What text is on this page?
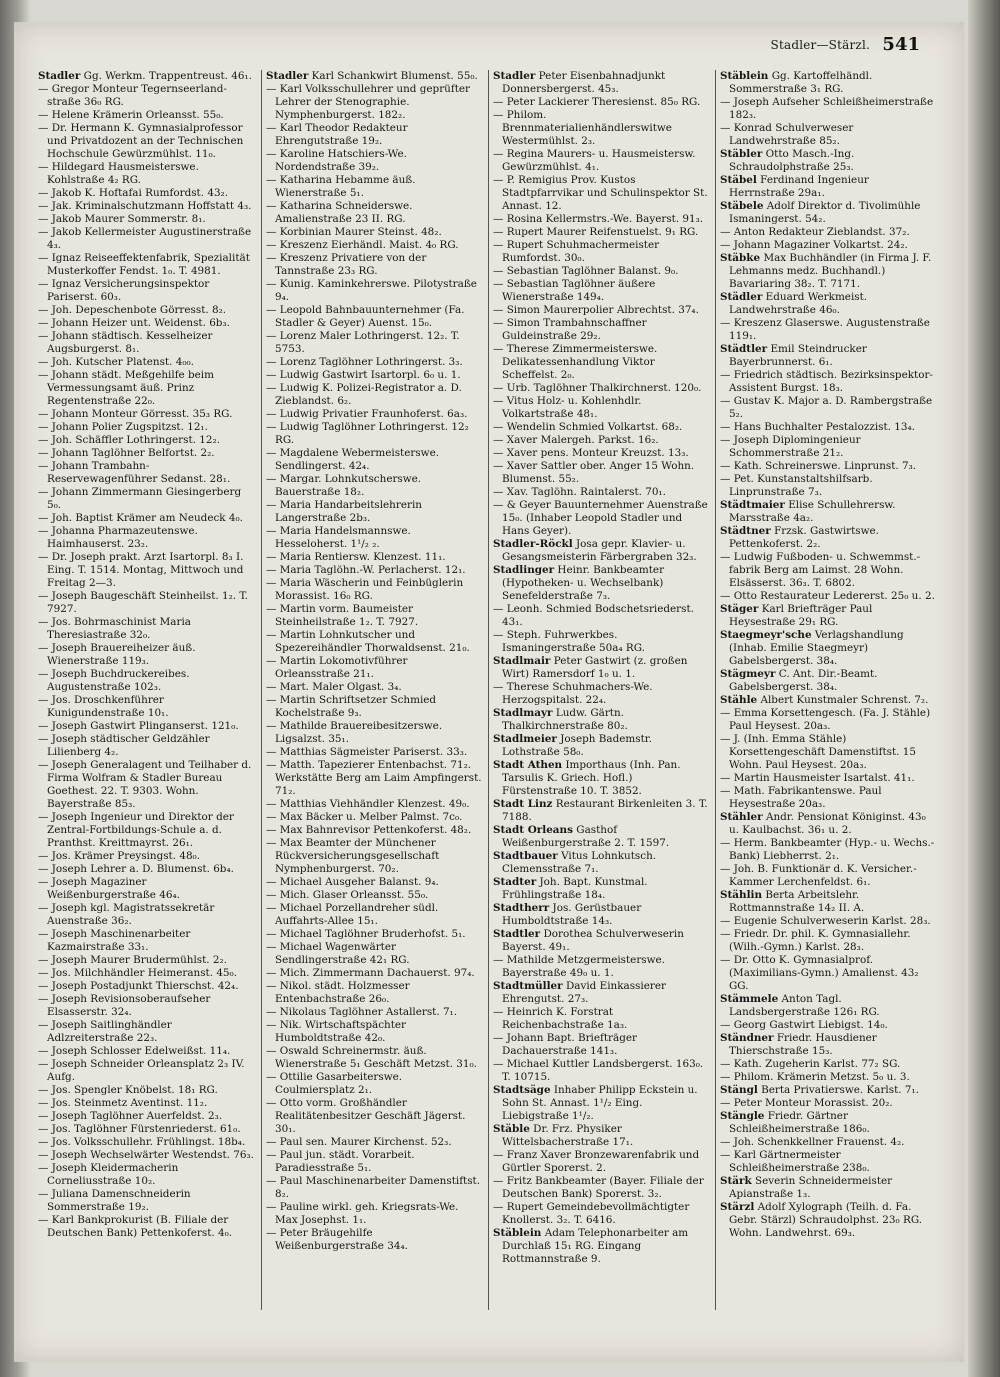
Stadler—Stärzl. 541

Stadler Gg. Werkm. Trappentreust. 46₁.

— Gregor Monteur Tegernseerland-straße 36₀ RG.

— Helene Krämerin Orleansst. 55₀.

— Dr. Hermann K. Gymnasialprofessor und Privatdozent an der Technischen Hochschule Gewürzmühlst. 11₀.

— Hildegard Hausmeisterswe. Kohlstraße 4₂ RG.

— Jakob K. Hoftafai Rumfordst. 43₂.

— Jak. Kriminalschutzmann Hoffstatt 4₃.

— Jakob Maurer Sommerstr. 8₁.

— Jakob Kellermeister Augustinerstraße 4₃.

— Ignaz Reiseeffektenfabrik, Spezialität Musterkoffer Fendst. 1₀. T. 4981.

— Ignaz Versicherungsinspektor Pariserst. 60₃.

— Joh. Depeschenbote Görresst. 8₂.

— Johann Heizer unt. Weidenst. 6b₃.

— Johann städtisch. Kesselheizer Augsburgerst. 8₁.

— Joh. Kutscher Platenst. 4₀₀.

— Johann städt. Meßgehilfe beim Vermessungsamt äuß. Prinz Regentenstraße 22₀.

— Johann Monteur Görresst. 35₃ RG.

— Johann Polier Zugspitzst. 12₁.

— Joh. Schäffler Lothringerst. 12₂.

— Johann Taglöhner Belfortst. 2₂.

— Johann Trambahn-Reservewagenführer Sedanst. 28₁.

— Johann Zimmermann Giesingerberg 5₀.

— Joh. Baptist Krämer am Neudeck 4₀.

— Johanna Pharmazeutenswe. Haimhauserst. 23₂.

— Dr. Joseph prakt. Arzt Isartorpl. 8₃ I. Eing. T. 1514. Montag, Mittwoch und Freitag 2—3.

— Joseph Baugeschäft Steinheilst. 1₂. T. 7927.

— Jos. Bohrmaschinist Maria Theresiastraße 32₀.

— Joseph Brauereiheizer äuß. Wienerstraße 119₃.

— Joseph Buchdruckereibes. Augustenstraße 102₃.

— Jos. Droschkenführer Kunigundenstraße 10₁.

— Joseph Gastwirt Plinganserst. 121₀.

— Joseph städtischer Geldzähler Lilienberg 4₂.

— Joseph Generalagent und Teilhaber d. Firma Wolfram & Stadler Bureau Goethest. 22. T. 9303. Wohn. Bayerstraße 85₃.

— Joseph Ingenieur und Direktor der Zentral-Fortbildungs-Schule a. d. Pranthst. Kreittmayrst. 26₁.

— Jos. Krämer Preysingst. 48₀.

— Joseph Lehrer a. D. Blumenst. 6b₄.

— Joseph Magaziner Weißenburgerstraße 46₄.

— Joseph kgl. Magistratssekretär Auenstraße 36₂.

— Joseph Maschinenarbeiter Kazmairstraße 33₁.

— Joseph Maurer Brudermühlst. 2₂.

— Jos. Milchhändler Heimeranst. 45₀.

— Joseph Postadjunkt Thierschst. 42₄.

— Joseph Revisionsoberaufseher Elsasserstr. 32₄.

— Joseph Saitlinghändler Adlzreiterstraße 22₃.

— Joseph Schlosser Edelweißst. 11₄.

— Joseph Schneider Orleansplatz 2₃ IV. Aufg.

— Jos. Spengler Knöbelst. 18₁ RG.

— Jos. Steinmetz Aventinst. 11₂.

— Joseph Taglöhner Auerfeldst. 2₃.

— Jos. Taglöhner Fürstenriederst. 61₀.

— Jos. Volksschullehr. Frühlingst. 18b₄.

— Joseph Wechselwärter Westendst. 76₃.

— Joseph Kleidermacherin Corneliusstraße 10₂.

— Juliana Damenschneiderin Sommerstraße 19₂.

— Karl Bankprokurist (B. Filiale der Deutschen Bank) Pettenkoferst. 4₀.

Stadler Karl Schankwirt Blumenst. 55₀.

— Karl Volksschullehrer und geprüfter Lehrer der Stenographie. Nymphenburgerst. 182₂.

— Karl Theodor Redakteur Ehrengutstraße 19₂.

— Karoline Hatschiers-We. Nordendstraße 39₂.

— Katharina Hebamme äuß. Wienerstraße 5₁.

— Katharina Schneiderswe. Amalienstraße 23 II. RG.

— Korbinian Maurer Steinst. 48₂.

— Kreszenz Eierhändl. Maist. 4₀ RG.

— Kreszenz Privatiere von der Tannstraße 23₃ RG.

— Kunig. Kaminkehrerswe. Pilotystraße 9₄.

— Leopold Bahnbauunternehmer (Fa. Stadler & Geyer) Auenst. 15₀.

— Lorenz Maler Lothringerst. 12₂. T. 5753.

— Lorenz Taglöhner Lothringerst. 3₃.

— Ludwig Gastwirt Isartorpl. 6₀ u. 1.

— Ludwig K. Polizei-Registrator a. D. Zieblandst. 6₂.

— Ludwig Privatier Fraunhoferst. 6a₃.

— Ludwig Taglöhner Lothringerst. 12₂ RG.

— Magdalene Webermeisterswe. Sendlingerst. 42₄.

— Margar. Lohnkutscherswe. Bauerstraße 18₂.

— Maria Handarbeitslehrerin Langerstraße 2b₃.

— Maria Handelsmannswe. Hesseloherst. 1¹/₂ ₂.

— Maria Rentiersw. Klenzest. 11₁.

— Maria Taglöhn.-W. Perlacherst. 12₁.

— Maria Wäscherin und Feinbüglerin Morassist. 16₀ RG.

— Martin vorm. Baumeister Steinheilstraße 1₂. T. 7927.

— Martin Lohnkutscher und Spezereihändler Thorwaldsenst. 21₀.

— Martin Lokomotivführer Orleansstraße 21₁.

— Mart. Maler Olgast. 3₄.

— Martin Schriftsetzer Schmied Kochelstraße 9₃.

— Mathilde Brauereibesitzerswe. Ligsalzst. 35₁.

— Matthias Sägmeister Pariserst. 33₃.

— Matth. Tapezierer Entenbachst. 71₂. Werkstätte Berg am Laim Ampfingerst. 71₂.

— Matthias Viehhändler Klenzest. 49₀.

— Max Bäcker u. Melber Palmst. 7c₀.

— Max Bahnrevisor Pettenkoferst. 48₂.

— Max Beamter der Münchener Rückversicherungsgesellschaft Nymphenburgerst. 70₂.

— Michael Ausgeher Balanst. 9₄.

— Mich. Glaser Orleansst. 55₀.

— Michael Porzellandreher südl. Auffahrts-Allee 15₁.

— Michael Taglöhner Bruderhofst. 5₁.

— Michael Wagenwärter Sendlingerstraße 42₁ RG.

— Mich. Zimmermann Dachauerst. 97₄.

— Nikol. städt. Holzmesser Entenbachstraße 26₀.

— Nikolaus Taglöhner Astallerst. 7₁.

— Nik. Wirtschaftspächter Humboldtstraße 42₀.

— Oswald Schreinermstr. äuß. Wienerstraße 5₁ Geschäft Metzst. 31₀.

— Ottilie Gasarbeiterswe. Coulmiersplatz 2₁.

— Otto vorm. Großhändler Realitätenbesitzer Geschäft Jägerst. 30₁.

— Paul sen. Maurer Kirchenst. 52₃.

— Paul jun. städt. Vorarbeit. Paradiesstraße 5₁.

— Paul Maschinenarbeiter Damenstiftst. 8₂.

— Pauline wirkl. geh. Kriegsrats-We. Max Josephst. 1₁.

— Peter Bräugehilfe Weißenburgerstraße 34₄.

Stadler Peter Eisenbahnadjunkt Donnersbergerst. 45₃.

— Peter Lackierer Theresienst. 85₀ RG.

— Philom. Brennmaterialienhändlerswitwe Westermühlst. 2₃.

— Regina Maurers- u. Hausmeistersw. Gewürzmühlst. 4₁.

— P. Remigius Prov. Kustos Stadtpfarrvikar und Schulinspektor St. Annast. 12.

— Rosina Kellermstrs.-We. Bayerst. 91₃.

— Rupert Maurer Reifenstuelst. 9₁ RG.

— Rupert Schuhmachermeister Rumfordst. 30₀.

— Sebastian Taglöhner Balanst. 9₀.

— Sebastian Taglöhner äußere Wienerstraße 149₄.

— Simon Maurerpolier Albrechtst. 37₄.

— Simon Trambahnschaffner Guldeinstraße 29₂.

— Therese Zimmermeisterswe. Delikatessenhandlung Viktor Scheffelst. 2₀.

— Urb. Taglöhner Thalkirchnerst. 120₀.

— Vitus Holz- u. Kohlenhdlr. Volkartstraße 48₁.

— Wendelin Schmied Volkartst. 68₂.

— Xaver Malergeh. Parkst. 16₂.

— Xaver pens. Monteur Kreuzst. 13₃.

— Xaver Sattler ober. Anger 15 Wohn. Blumenst. 55₂.

— Xav. Taglöhn. Raintalerst. 70₁.

— & Geyer Bauunternehmer Auenstraße 15₀. (Inhaber Leopold Stadler und Hans Geyer).

Stadler-Röckl Josa gepr. Klavier- u. Gesangsmeisterin Färbergraben 32₃.

Stadlinger Heinr. Bankbeamter (Hypotheken- u. Wechselbank) Senefelderstraße 7₃.

— Leonh. Schmied Bodschetsriederst. 43₁.

— Steph. Fuhrwerkbes. Ismaningerstraße 50a₄ RG.

Stadlmair Peter Gastwirt (z. großen Wirt) Ramersdorf 1₀ u. 1.

— Therese Schuhmachers-We. Herzogspitalst. 22₄.

Stadlmayr Ludw. Gärtn. Thalkirchnerstraße 80₂.

Stadlmeier Joseph Bademstr. Lothstraße 58₀.

Stadt Athen Importhaus (Inh. Pan. Tarsulis K. Griech. Hofl.) Fürstenstraße 10. T. 3852.

Stadt Linz Restaurant Birkenleiten 3. T. 7188.

Stadt Orleans Gasthof Weißenburgerstraße 2. T. 1597.

Stadtbauer Vitus Lohnkutsch. Clemensstraße 7₁.

Stadter Joh. Bapt. Kunstmal. Frühlingstraße 18₄.

Stadtherr Jos. Gerüstbauer Humboldtstraße 14₃.

Stadtler Dorothea Schulverweserin Bayerst. 49₁.

— Mathilde Metzgermeisterswe. Bayerstraße 49₀ u. 1.

Stadtmüller David Einkassierer Ehrengutst. 27₃.

— Heinrich K. Forstrat Reichenbachstraße 1a₃.

— Johann Bapt. Briefträger Dachauerstraße 141₃.

— Michael Kuttler Landsbergerst. 163₀. T. 10715.

Stadtsäge Inhaber Philipp Eckstein u. Sohn St. Annast. 1¹/₂ Eing. Liebigstraße 1¹/₂.

Stäble Dr. Frz. Physiker Wittelsbacherstraße 17₁.

— Franz Xaver Bronzewarenfabrik und Gürtler Sporerst. 2.

— Fritz Bankbeamter (Bayer. Filiale der Deutschen Bank) Sporerst. 3₂.

— Rupert Gemeindebevollmächtigter Knollerst. 3₂. T. 6416.

Stäblein Adam Telephonarbeiter am Durchlaß 15₁ RG. Eingang Rottmannstraße 9.

Stäblein Gg. Kartoffelhändl. Sommerstraße 3₁ RG.

— Joseph Aufseher Schleißheimerstraße 182₃.

— Konrad Schulverweser Landwehrstraße 85₂.

Stäbler Otto Masch.-Ing. Schraudolphstraße 25₃.

Stäbel Ferdinand Ingenieur Herrnstraße 29a₁.

Stäbele Adolf Direktor d. Tivolimühle Ismaningerst. 54₂.

— Anton Redakteur Zieblandst. 37₂.

— Johann Magaziner Volkartst. 24₂.

Stäbke Max Buchhändler (in Firma J. F. Lehmanns medz. Buchhandl.) Bavariaring 38₂. T. 7171.

Städler Eduard Werkmeist. Landwehrstraße 46₀.

— Kreszenz Glaserswe. Augustenstraße 119₁.

Städtler Emil Steindrucker Bayerbrunnerst. 6₁.

— Friedrich städtisch. Bezirksinspektor-Assistent Burgst. 18₃.

— Gustav K. Major a. D. Rambergstraße 5₂.

— Hans Buchhalter Pestalozzist. 13₄.

— Joseph Diplomingenieur Schommerstraße 21₂.

— Kath. Schreinerswe. Linprunst. 7₃.

— Pet. Kunstanstaltshilfsarb. Linprunstraße 7₃.

Städtmaier Elise Schullehrersw. Marsstraße 4a₂.

Städtner Frzsk. Gastwirtswe. Pettenkoferst. 2₂.

— Ludwig Fußboden- u. Schwemmst.-fabrik Berg am Laimst. 28 Wohn. Elsässerst. 36₃. T. 6802.

— Otto Restaurateur Ledererst. 25₀ u. 2.

Stäger Karl Briefträger Paul Heysestraße 29₁ RG.

Staegmeyr'sche Verlagshandlung (Inhab. Emilie Staegmeyr) Gabelsbergerst. 38₄.

Stägmeyr C. Ant. Dir.-Beamt. Gabelsbergerst. 38₄.

Stähle Albert Kunstmaler Schrenst. 7₂.

— Emma Korsettengesch. (Fa. J. Stähle) Paul Heysest. 20a₃.

— J. (Inh. Emma Stähle) Korsettengeschäft Damenstiftst. 15 Wohn. Paul Heysest. 20a₃.

— Martin Hausmeister Isartalst. 41₁.

— Math. Fabrikantenswe. Paul Heysestraße 20a₃.

Stähler Andr. Pensionat Königinst. 43₀ u. Kaulbachst. 36₁ u. 2.

— Herm. Bankbeamter (Hyp.- u. Wechs.-Bank) Liebherrst. 2₁.

— Joh. B. Funktionär d. K. Versicher.-Kammer Lerchenfeldst. 6₁.

Stählin Berta Arbeitslehr. Rottmannstraße 14₂ II. A.

— Eugenie Schulverweserin Karlst. 28₃.

— Friedr. Dr. phil. K. Gymnasiallehr. (Wilh.-Gymn.) Karlst. 28₃.

— Dr. Otto K. Gymnasialprof. (Maximilians-Gymn.) Amalienst. 43₂ GG.

Stämmele Anton Tagl. Landsbergerstraße 126₁ RG.

— Georg Gastwirt Liebigst. 14₀.

Ständner Friedr. Hausdiener Thierschstraße 15₃.

— Kath. Zugeherin Karlst. 77₂ SG.

— Philom. Krämerin Metzst. 5₀ u. 3.

Stängl Berta Privatierswe. Karlst. 7₁.

— Peter Monteur Morassist. 20₂.

Stängle Friedr. Gärtner Schleißheimerstraße 186₀.

— Joh. Schenkkellner Frauenst. 4₂.

— Karl Gärtnermeister Schleißheimerstraße 238₀.

Stärk Severin Schneidermeister Apianstraße 1₃.

Stärzl Adolf Xylograph (Teilh. d. Fa. Gebr. Stärzl) Schraudolphst. 23₀ RG. Wohn. Landwehrst. 69₃.
